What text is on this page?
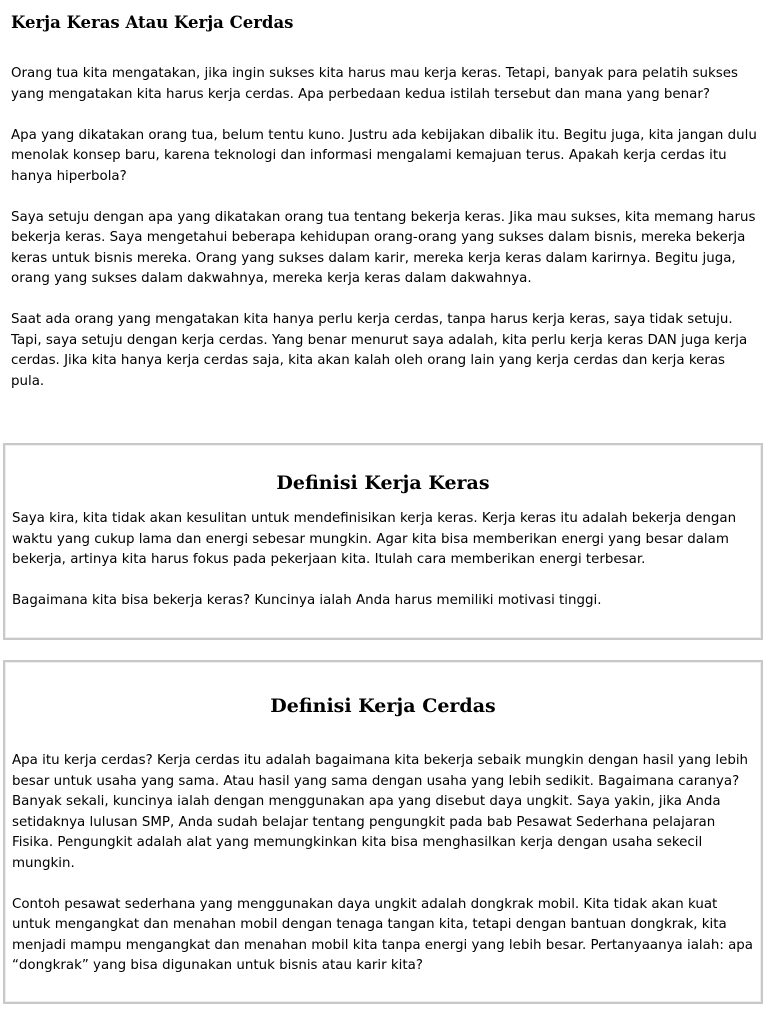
Kerja Keras Atau Kerja Cerdas

Orang tua kita mengatakan, jika ingin sukses kita harus mau kerja keras. Tetapi, banyak para pelatih sukses yang mengatakan kita harus kerja cerdas. Apa perbedaan kedua istilah tersebut dan mana yang benar?

Apa yang dikatakan orang tua, belum tentu kuno. Justru ada kebijakan dibalik itu. Begitu juga, kita jangan dulu menolak konsep baru, karena teknologi dan informasi mengalami kemajuan terus. Apakah kerja cerdas itu hanya hiperbola?

Saya setuju dengan apa yang dikatakan orang tua tentang bekerja keras. Jika mau sukses, kita memang harus bekerja keras. Saya mengetahui beberapa kehidupan orang-orang yang sukses dalam bisnis, mereka bekerja keras untuk bisnis mereka. Orang yang sukses dalam karir, mereka kerja keras dalam karirnya. Begitu juga, orang yang sukses dalam dakwahnya, mereka kerja keras dalam dakwahnya.

Saat ada orang yang mengatakan kita hanya perlu kerja cerdas, tanpa harus kerja keras, saya tidak setuju. Tapi, saya setuju dengan kerja cerdas. Yang benar menurut saya adalah, kita perlu kerja keras DAN juga kerja cerdas. Jika kita hanya kerja cerdas saja, kita akan kalah oleh orang lain yang kerja cerdas dan kerja keras pula.

Definisi Kerja Keras

Saya kira, kita tidak akan kesulitan untuk mendefinisikan kerja keras. Kerja keras itu adalah bekerja dengan waktu yang cukup lama dan energi sebesar mungkin. Agar kita bisa memberikan energi yang besar dalam bekerja, artinya kita harus fokus pada pekerjaan kita. Itulah cara memberikan energi terbesar.

Bagaimana kita bisa bekerja keras? Kuncinya ialah Anda harus memiliki motivasi tinggi.

Definisi Kerja Cerdas

Apa itu kerja cerdas? Kerja cerdas itu adalah bagaimana kita bekerja sebaik mungkin dengan hasil yang lebih besar untuk usaha yang sama. Atau hasil yang sama dengan usaha yang lebih sedikit. Bagaimana caranya? Banyak sekali, kuncinya ialah dengan menggunakan apa yang disebut daya ungkit. Saya yakin, jika Anda setidaknya lulusan SMP, Anda sudah belajar tentang pengungkit pada bab Pesawat Sederhana pelajaran Fisika. Pengungkit adalah alat yang memungkinkan kita bisa menghasilkan kerja dengan usaha sekecil mungkin.

Contoh pesawat sederhana yang menggunakan daya ungkit adalah dongkrak mobil. Kita tidak akan kuat untuk mengangkat dan menahan mobil dengan tenaga tangan kita, tetapi dengan bantuan dongkrak, kita menjadi mampu mengangkat dan menahan mobil kita tanpa energi yang lebih besar. Pertanyaanya ialah: apa “dongkrak” yang bisa digunakan untuk bisnis atau karir kita?
